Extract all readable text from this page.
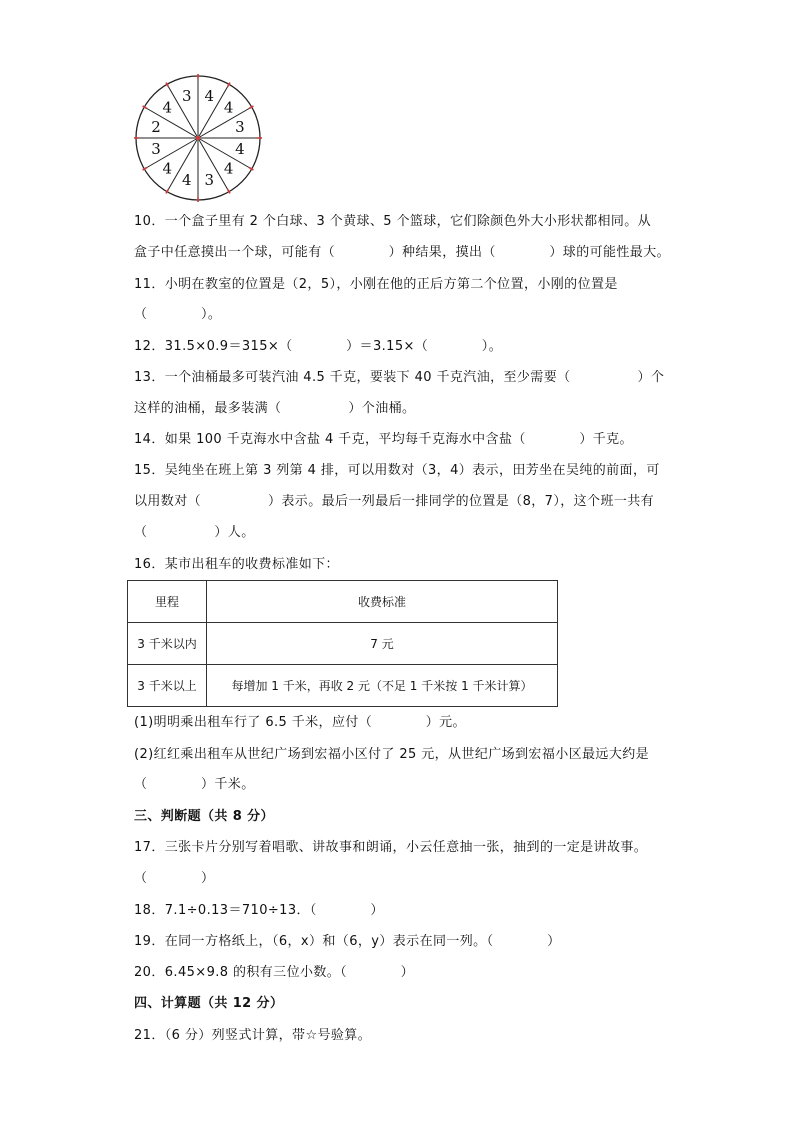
4
4
3
4
4
3
4
4
3
2
4
3
10．一个盒子里有 2 个白球、3 个黄球、5 个篮球，它们除颜色外大小形状都相同。从
盒子中任意摸出一个球，可能有（　　　　）种结果，摸出（　　　　）球的可能性最大。
11．小明在教室的位置是（2，5），小刚在他的正后方第二个位置，小刚的位置是
（　　　　）。
12．31.5×0.9＝315×（　　　　）＝3.15×（　　　　）。
13．一个油桶最多可装汽油 4.5 千克，要装下 40 千克汽油，至少需要（　　　　　）个
这样的油桶，最多装满（　　　　　）个油桶。
14．如果 100 千克海水中含盐 4 千克，平均每千克海水中含盐（　　　　）千克。
15．吴纯坐在班上第 3 列第 4 排，可以用数对（3，4）表示，田芳坐在吴纯的前面，可
以用数对（　　　　　）表示。最后一列最后一排同学的位置是（8，7），这个班一共有
（　　　　　）人。
16．某市出租车的收费标准如下：
里程	收费标准
3 千米以内	7 元
3 千米以上	每增加 1 千米，再收 2 元（不足 1 千米按 1 千米计算）
(1)明明乘出租车行了 6.5 千米，应付（　　　　）元。
(2)红红乘出租车从世纪广场到宏福小区付了 25 元，从世纪广场到宏福小区最远大约是
（　　　　）千米。
三、判断题（共 8 分）
17．三张卡片分别写着唱歌、讲故事和朗诵，小云任意抽一张，抽到的一定是讲故事。
（　　　　）
18．7.1÷0.13＝710÷13．（　　　　）
19．在同一方格纸上，（6，x）和（6，y）表示在同一列。（　　　　）
20．6.45×9.8 的积有三位小数。（　　　　）
四、计算题（共 12 分）
21．（6 分）列竖式计算，带☆号验算。
